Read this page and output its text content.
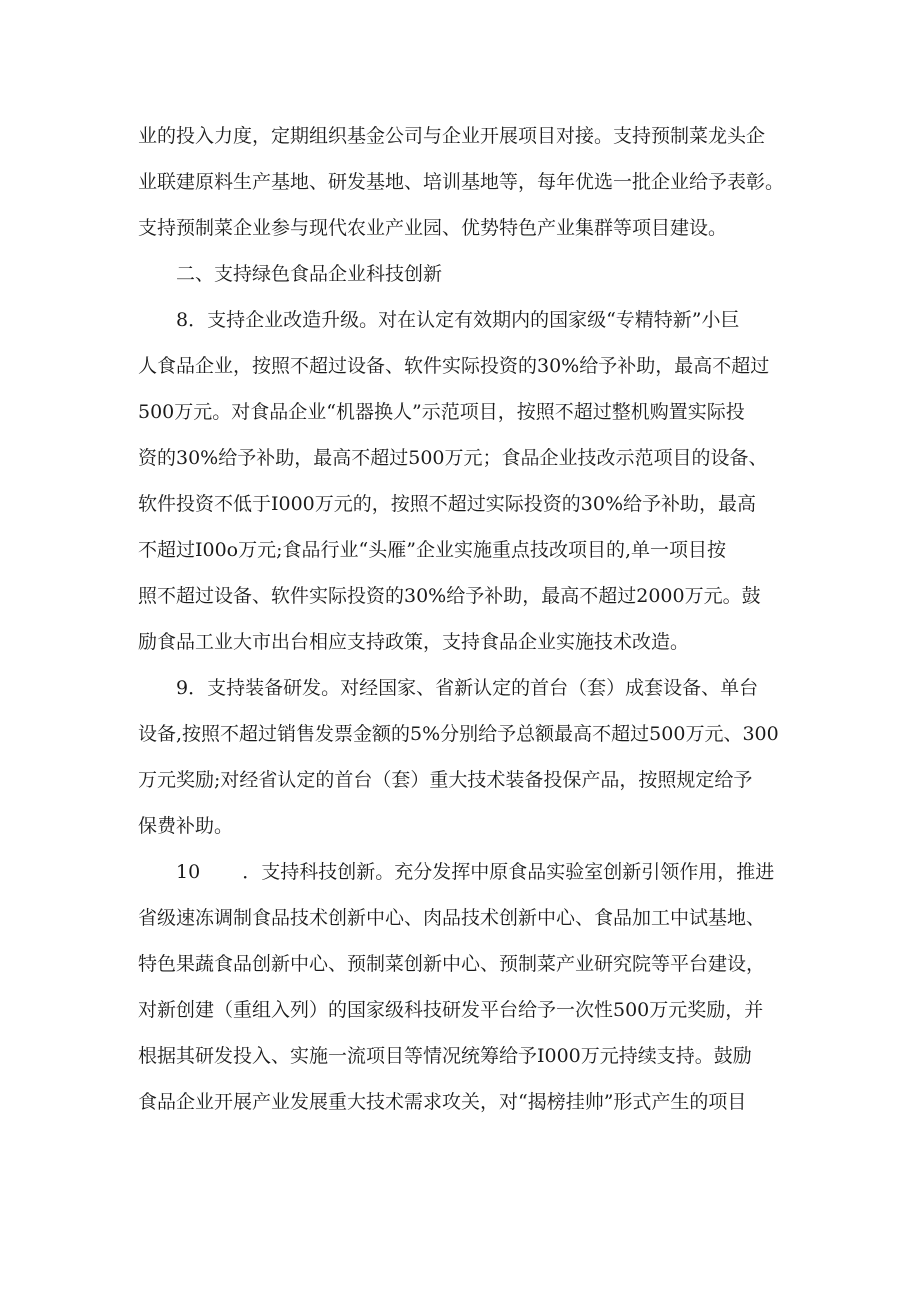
业的投入力度，定期组织基金公司与企业开展项目对接。支持预制菜龙头企
业联建原料生产基地、研发基地、培训基地等，每年优选一批企业给予表彰。
支持预制菜企业参与现代农业产业园、优势特色产业集群等项目建设。
二、支持绿色食品企业科技创新
8．支持企业改造升级。对在认定有效期内的国家级“专精特新”小巨
人食品企业，按照不超过设备、软件实际投资的30%给予补助，最高不超过
500万元。对食品企业“机器换人”示范项目，按照不超过整机购置实际投
资的30%给予补助，最高不超过500万元；食品企业技改示范项目的设备、
软件投资不低于I000万元的，按照不超过实际投资的30%给予补助，最高
不超过I00o万元;食品行业“头雁”企业实施重点技改项目的,单一项目按
照不超过设备、软件实际投资的30%给予补助，最高不超过2000万元。鼓
励食品工业大市出台相应支持政策，支持食品企业实施技术改造。
9．支持装备研发。对经国家、省新认定的首台（套）成套设备、单台
设备,按照不超过销售发票金额的5%分别给予总额最高不超过500万元、300
万元奖励;对经省认定的首台（套）重大技术装备投保产品，按照规定给予
保费补助。
10 ．支持科技创新。充分发挥中原食品实验室创新引领作用，推进
省级速冻调制食品技术创新中心、肉品技术创新中心、食品加工中试基地、
特色果蔬食品创新中心、预制菜创新中心、预制菜产业研究院等平台建设，
对新创建（重组入列）的国家级科技研发平台给予一次性500万元奖励，并
根据其研发投入、实施一流项目等情况统筹给予I000万元持续支持。鼓励
食品企业开展产业发展重大技术需求攻关，对“揭榜挂帅”形式产生的项目
